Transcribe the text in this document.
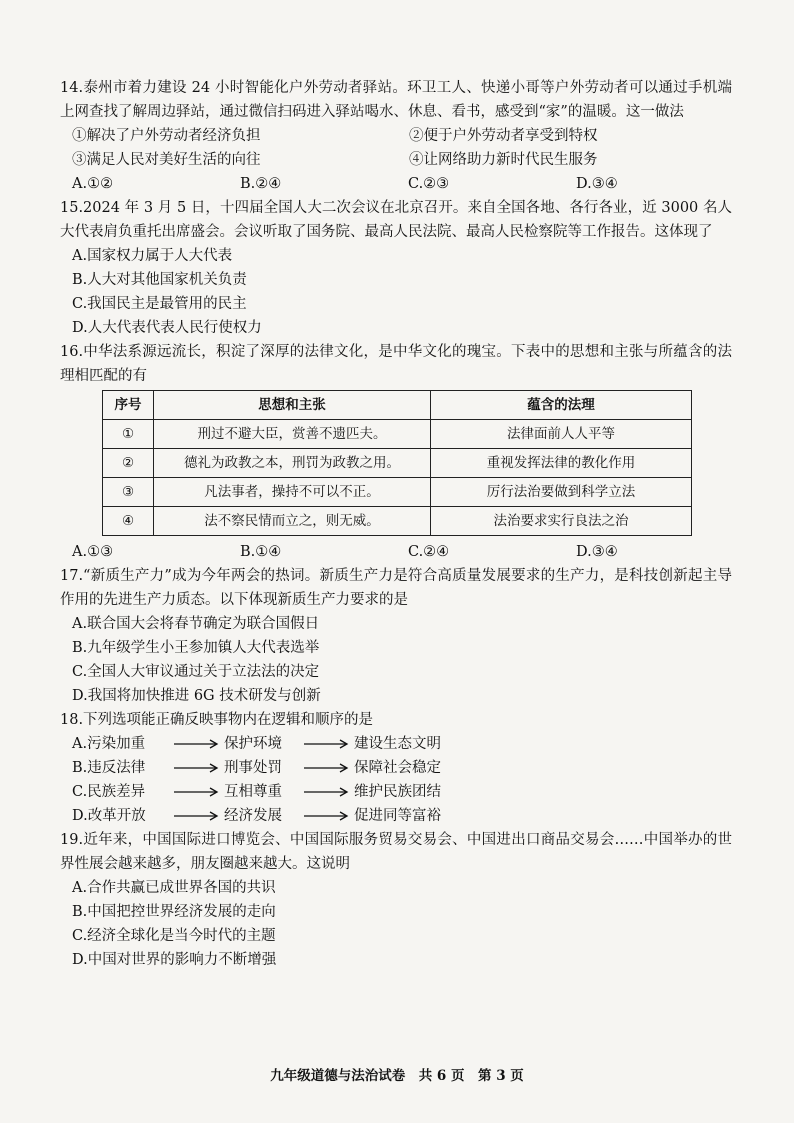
14.泰州市着力建设 24 小时智能化户外劳动者驿站。环卫工人、快递小哥等户外劳动者可以通过手机端上网查找了解周边驿站，通过微信扫码进入驿站喝水、休息、看书，感受到“家”的温暖。这一做法

①解决了户外劳动者经济负担	②便于户外劳动者享受到特权
③满足人民对美好生活的向往	④让网络助力新时代民生服务
A.①②	B.②④	C.②③	D.③④

15.2024 年 3 月 5 日，十四届全国人大二次会议在北京召开。来自全国各地、各行各业，近 3000 名人大代表肩负重托出席盛会。会议听取了国务院、最高人民法院、最高人民检察院等工作报告。这体现了

A.国家权力属于人大代表

B.人大对其他国家机关负责

C.我国民主是最管用的民主

D.人大代表代表人民行使权力

16.中华法系源远流长，积淀了深厚的法律文化，是中华文化的瑰宝。下表中的思想和主张与所蕴含的法理相匹配的有

序号	思想和主张	蕴含的法理
①	刑过不避大臣，赏善不遗匹夫。	法律面前人人平等
②	德礼为政教之本，刑罚为政教之用。	重视发挥法律的教化作用
③	凡法事者，操持不可以不正。	厉行法治要做到科学立法
④	法不察民情而立之，则无威。	法治要求实行良法之治
A.①③	B.①④	C.②④	D.③④

17.“新质生产力”成为今年两会的热词。新质生产力是符合高质量发展要求的生产力，是科技创新起主导作用的先进生产力质态。以下体现新质生产力要求的是

A.联合国大会将春节确定为联合国假日

B.九年级学生小王参加镇人大代表选举

C.全国人大审议通过关于立法法的决定

D.我国将加快推进 6G 技术研发与创新

18.下列选项能正确反映事物内在逻辑和顺序的是

A.污染加重	保护环境	建设生态文明
B.违反法律	刑事处罚	保障社会稳定
C.民族差异	互相尊重	维护民族团结
D.改革开放	经济发展	促进同等富裕

19.近年来，中国国际进口博览会、中国国际服务贸易交易会、中国进出口商品交易会……中国举办的世界性展会越来越多，朋友圈越来越大。这说明

A.合作共赢已成世界各国的共识

B.中国把控世界经济发展的走向

C.经济全球化是当今时代的主题

D.中国对世界的影响力不断增强

九年级道德与法治试卷　共 6 页　第 3 页
